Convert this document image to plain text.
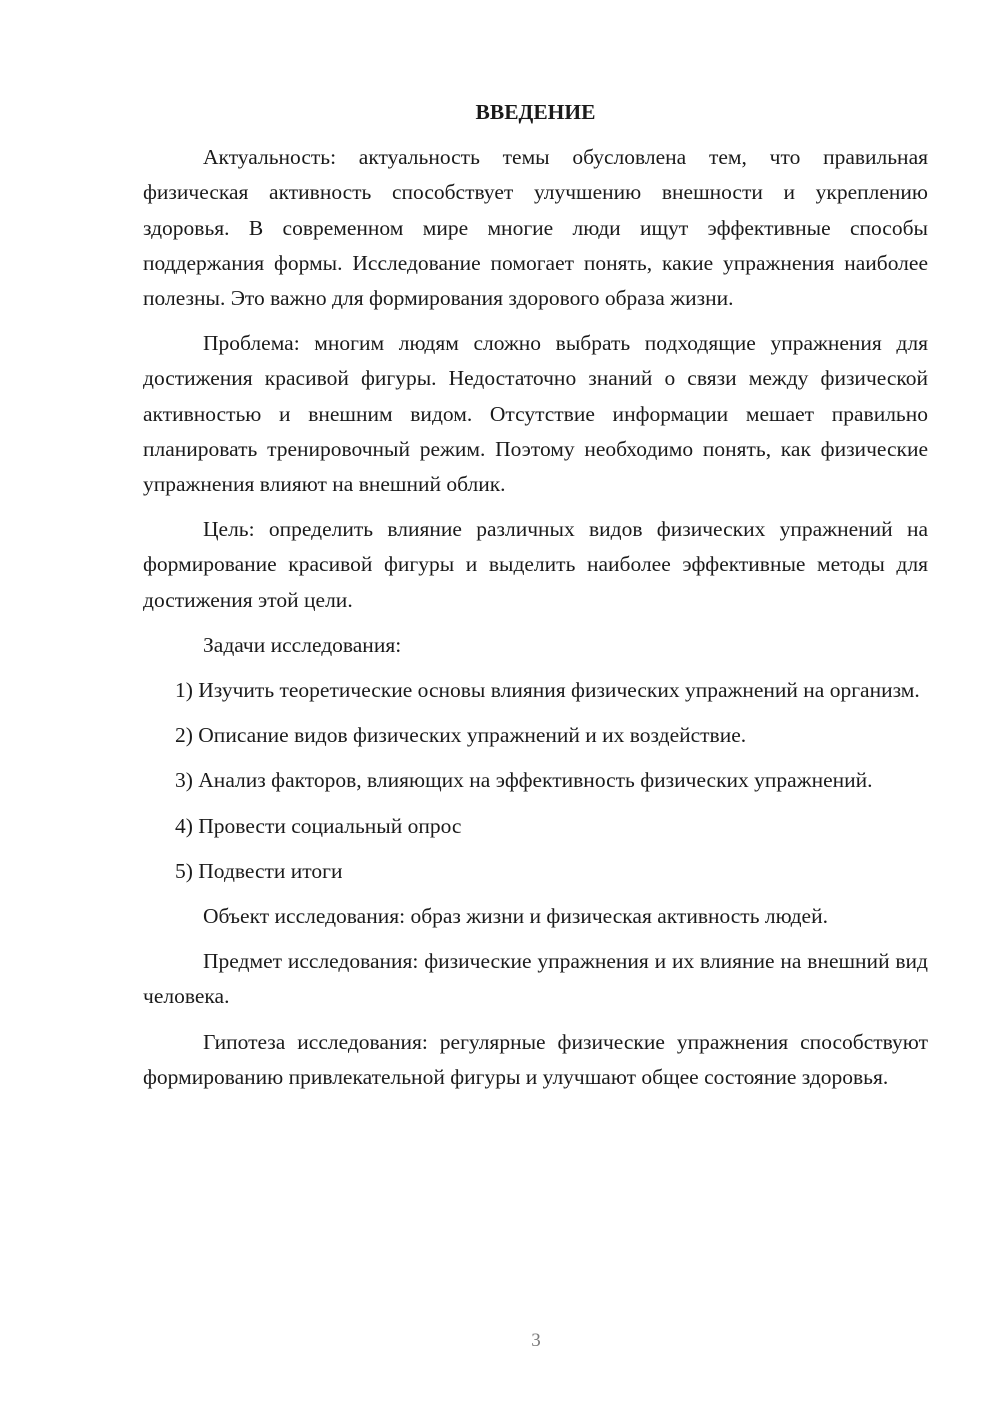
ВВЕДЕНИЕ

Актуальность: актуальность темы обусловлена тем, что правильная физическая активность способствует улучшению внешности и укреплению здоровья. В современном мире многие люди ищут эффективные способы поддержания формы. Исследование помогает понять, какие упражнения наиболее полезны. Это важно для формирования здорового образа жизни.

Проблема: многим людям сложно выбрать подходящие упражнения для достижения красивой фигуры. Недостаточно знаний о связи между физической активностью и внешним видом. Отсутствие информации мешает правильно планировать тренировочный режим. Поэтому необходимо понять, как физические упражнения влияют на внешний облик.

Цель: определить влияние различных видов физических упражнений на формирование красивой фигуры и выделить наиболее эффективные методы для достижения этой цели.

Задачи исследования:

1) Изучить теоретические основы влияния физических упражнений на организм.

2) Описание видов физических упражнений и их воздействие.

3) Анализ факторов, влияющих на эффективность физических упражнений.

4) Провести социальный опрос

5) Подвести итоги

Объект исследования: образ жизни и физическая активность людей.

Предмет исследования: физические упражнения и их влияние на внешний вид человека.

Гипотеза исследования: регулярные физические упражнения способствуют формированию привлекательной фигуры и улучшают общее состояние здоровья.

3
